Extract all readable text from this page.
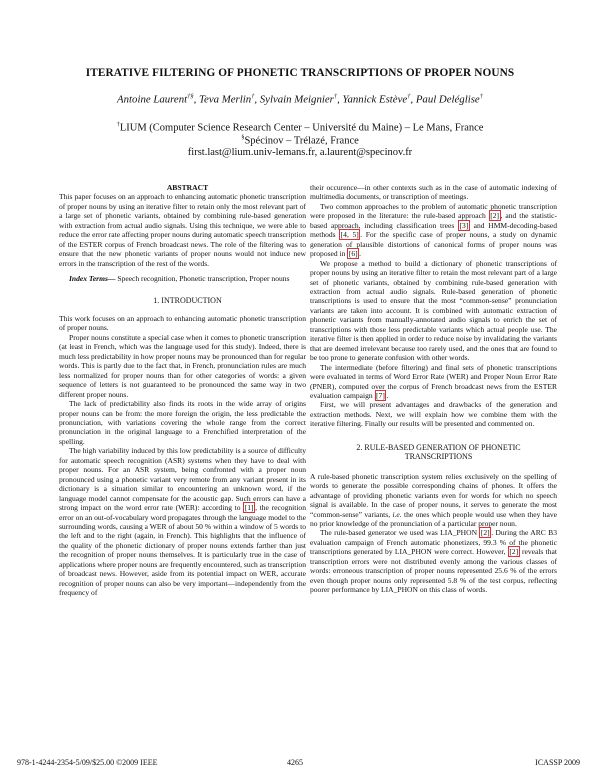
ITERATIVE FILTERING OF PHONETIC TRANSCRIPTIONS OF PROPER NOUNS
Antoine Laurent†§, Teva Merlin†, Sylvain Meignier†, Yannick Estève†, Paul Deléglise†
†LIUM (Computer Science Research Center – Université du Maine) – Le Mans, France
§Spécinov – Trélazé, France
first.last@lium.univ-lemans.fr, a.laurent@specinov.fr

ABSTRACT

This paper focuses on an approach to enhancing automatic phonetic transcription of proper nouns by using an iterative filter to retain only the most relevant part of a large set of phonetic variants, obtained by combining rule-based generation with extraction from actual audio signals. Using this technique, we were able to reduce the error rate affecting proper nouns during automatic speech transcription of the ESTER corpus of French broadcast news. The role of the filtering was to ensure that the new phonetic variants of proper nouns would not induce new errors in the transcription of the rest of the words.

Index Terms— Speech recognition, Phonetic transcription, Proper nouns

1. INTRODUCTION

This work focuses on an approach to enhancing automatic phonetic transcription of proper nouns.

Proper nouns constitute a special case when it comes to phonetic transcription (at least in French, which was the language used for this study). Indeed, there is much less predictability in how proper nouns may be pronounced than for regular words. This is partly due to the fact that, in French, pronunciation rules are much less normalized for proper nouns than for other categories of words: a given sequence of letters is not guaranteed to be pronounced the same way in two different proper nouns.

The lack of predictability also finds its roots in the wide array of origins proper nouns can be from: the more foreign the origin, the less predictable the pronunciation, with variations covering the whole range from the correct pronunciation in the original language to a Frenchified interpretation of the spelling.

The high variability induced by this low predictability is a source of difficulty for automatic speech recognition (ASR) systems when they have to deal with proper nouns. For an ASR system, being confronted with a proper noun pronounced using a phonetic variant very remote from any variant present in its dictionary is a situation similar to encountering an unknown word, if the language model cannot compensate for the acoustic gap. Such errors can have a strong impact on the word error rate (WER): according to [1] , the recognition error on an out-of-vocabulary word propagates through the language model to the surrounding words, causing a WER of about 50 % within a window of 5 words to the left and to the right (again, in French). This highlights that the influence of the quality of the phonetic dictionary of proper nouns extends farther than just the recognition of proper nouns themselves. It is particularly true in the case of applications where proper nouns are frequently encountered, such as transcription of broadcast news. However, aside from its potential impact on WER, accurate recognition of proper nouns can also be very important—independently from the frequency of

their occurence—in other contexts such as in the case of automatic indexing of multimedia documents, or transcription of meetings.

Two common approaches to the problem of automatic phonetic transcription were proposed in the literature: the rule-based approach [2] , and the statistic-based approach, including classification trees [3] and HMM-decoding-based methods [4, 5] . For the specific case of proper nouns, a study on dynamic generation of plausible distortions of canonical forms of proper nouns was proposed in [6] .

We propose a method to build a dictionary of phonetic transcriptions of proper nouns by using an iterative filter to retain the most relevant part of a large set of phonetic variants, obtained by combining rule-based generation with extraction from actual audio signals. Rule-based generation of phonetic transcriptions is used to ensure that the most “common-sense” pronunciation variants are taken into account. It is combined with automatic extraction of phonetic variants from manually-annotated audio signals to enrich the set of transcriptions with those less predictable variants which actual people use. The iterative filter is then applied in order to reduce noise by invalidating the variants that are deemed irrelevant because too rarely used, and the ones that are found to be too prone to generate confusion with other words.

The intermediate (before filtering) and final sets of phonetic transcriptions were evaluated in terms of Word Error Rate (WER) and Proper Noun Error Rate (PNER), computed over the corpus of French broadcast news from the ESTER evaluation campaign [7] .

First, we will present advantages and drawbacks of the generation and extraction methods. Next, we will explain how we combine them with the iterative filtering. Finally our results will be presented and commented on.

2. RULE-BASED GENERATION OF PHONETIC

TRANSCRIPTIONS

A rule-based phonetic transcription system relies exclusively on the spelling of words to generate the possible corresponding chains of phones. It offers the advantage of providing phonetic variants even for words for which no speech signal is available. In the case of proper nouns, it serves to generate the most “common-sense” variants, i.e. the ones which people would use when they have no prior knowledge of the pronunciation of a particular proper noun.

The rule-based generator we used was LIA_PHON [2] . During the ARC B3 evaluation campaign of French automatic phonetizers, 99.3 % of the phonetic transcriptions generated by LIA_PHON were correct. However, [2] reveals that transcription errors were not distributed evenly among the various classes of words: erroneous transcription of proper nouns represented 25.6 % of the errors even though proper nouns only represented 5.8 % of the test corpus, reflecting poorer performance by LIA_PHON on this class of words.

978-1-4244-2354-5/09/$25.00 ©2009 IEEE	4265	ICASSP 2009
